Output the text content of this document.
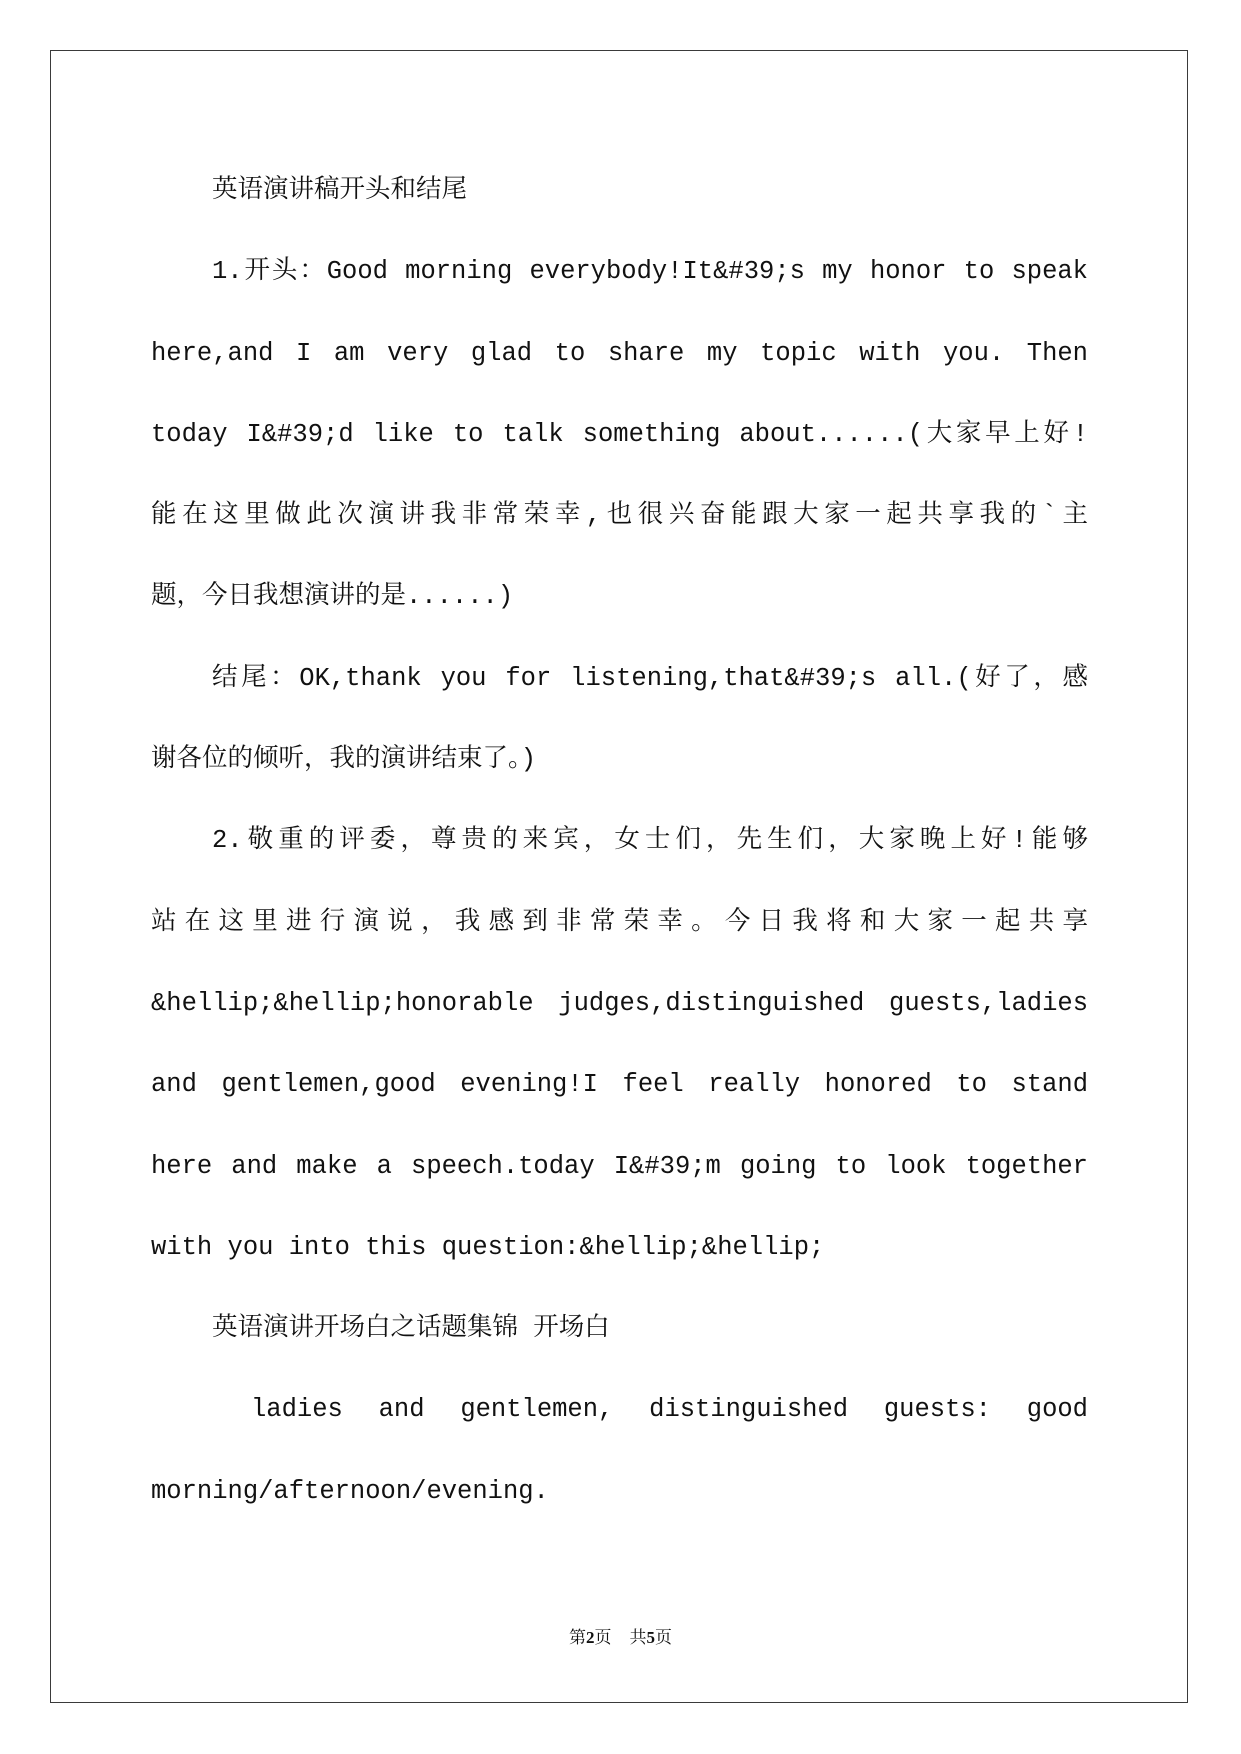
英语演讲稿开头和结尾
1.开头：Good morning everybody!It&#39;s my honor to speak
here,and I am very glad to share my topic with you. Then
today I&#39;d like to talk something about......(大家早上好!
能在这里做此次演讲我非常荣幸,也很兴奋能跟大家一起共享我的`主
题，今日我想演讲的是......)
结尾：OK,thank you for listening,that&#39;s all.(好了，感
谢各位的倾听，我的演讲结束了。)
2.敬重的评委，尊贵的来宾，女士们，先生们，大家晚上好!能够
站在这里进行演说，我感到非常荣幸。今日我将和大家一起共享
&hellip;&hellip;honorable judges,distinguished guests,ladies
and gentlemen,good evening!I feel really honored to stand
here and make a speech.today I&#39;m going to look together
with you into this question:&hellip;&hellip;
英语演讲开场白之话题集锦 开场白
ladies and gentlemen, distinguished guests: good
morning/afternoon/evening.
第2页 共5页
